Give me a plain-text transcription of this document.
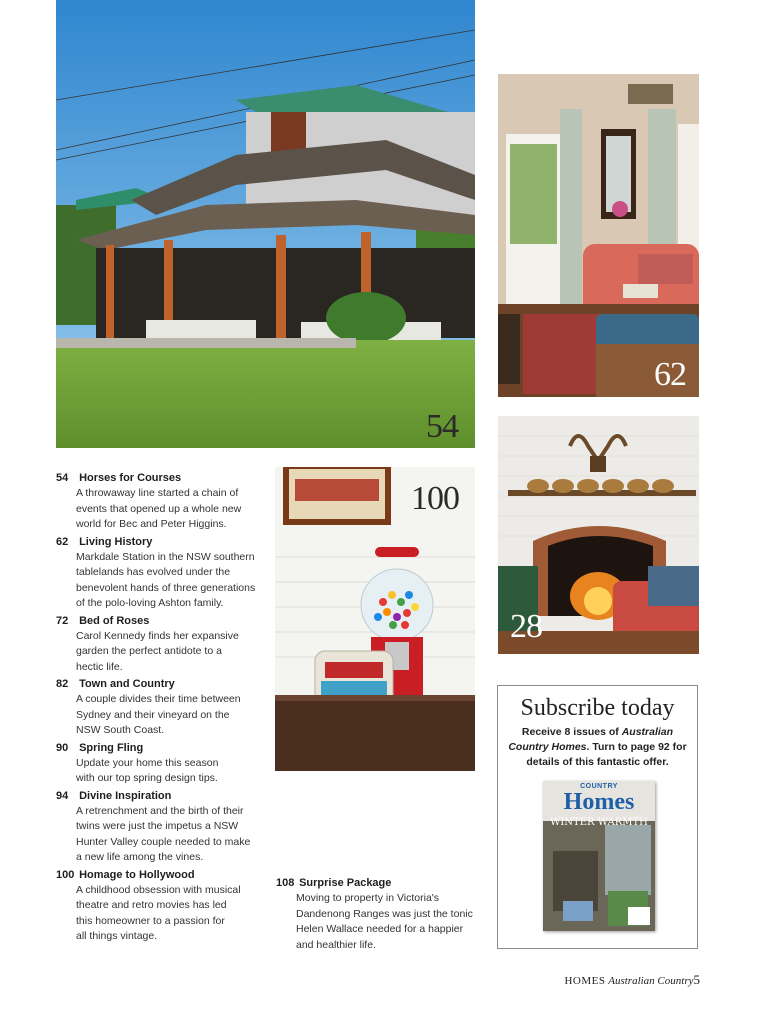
54
62
28
100
54 Horses for Courses
A throwaway line started a chain of
events that opened up a whole new
world for Bec and Peter Higgins.
62 Living History
Markdale Station in the NSW southern
tablelands has evolved under the
benevolent hands of three generations
of the polo-loving Ashton family.
72 Bed of Roses
Carol Kennedy finds her expansive
garden the perfect antidote to a
hectic life.
82 Town and Country
A couple divides their time between
Sydney and their vineyard on the
NSW South Coast.
90 Spring Fling
Update your home this season
with our top spring design tips.
94 Divine Inspiration
A retrenchment and the birth of their
twins were just the impetus a NSW
Hunter Valley couple needed to make
a new life among the vines.
100 Homage to Hollywood
A childhood obsession with musical
theatre and retro movies has led
this homeowner to a passion for
all things vintage.
108 Surprise Package
Moving to property in Victoria's
Dandenong Ranges was just the tonic
Helen Wallace needed for a happier
and healthier life.
Subscribe today
Receive 8 issues of Australian Country Homes. Turn to page 92 for details of this fantastic offer.
WINTER WARMTH
COUNTRY
Homes
HOMES Australian Country5
